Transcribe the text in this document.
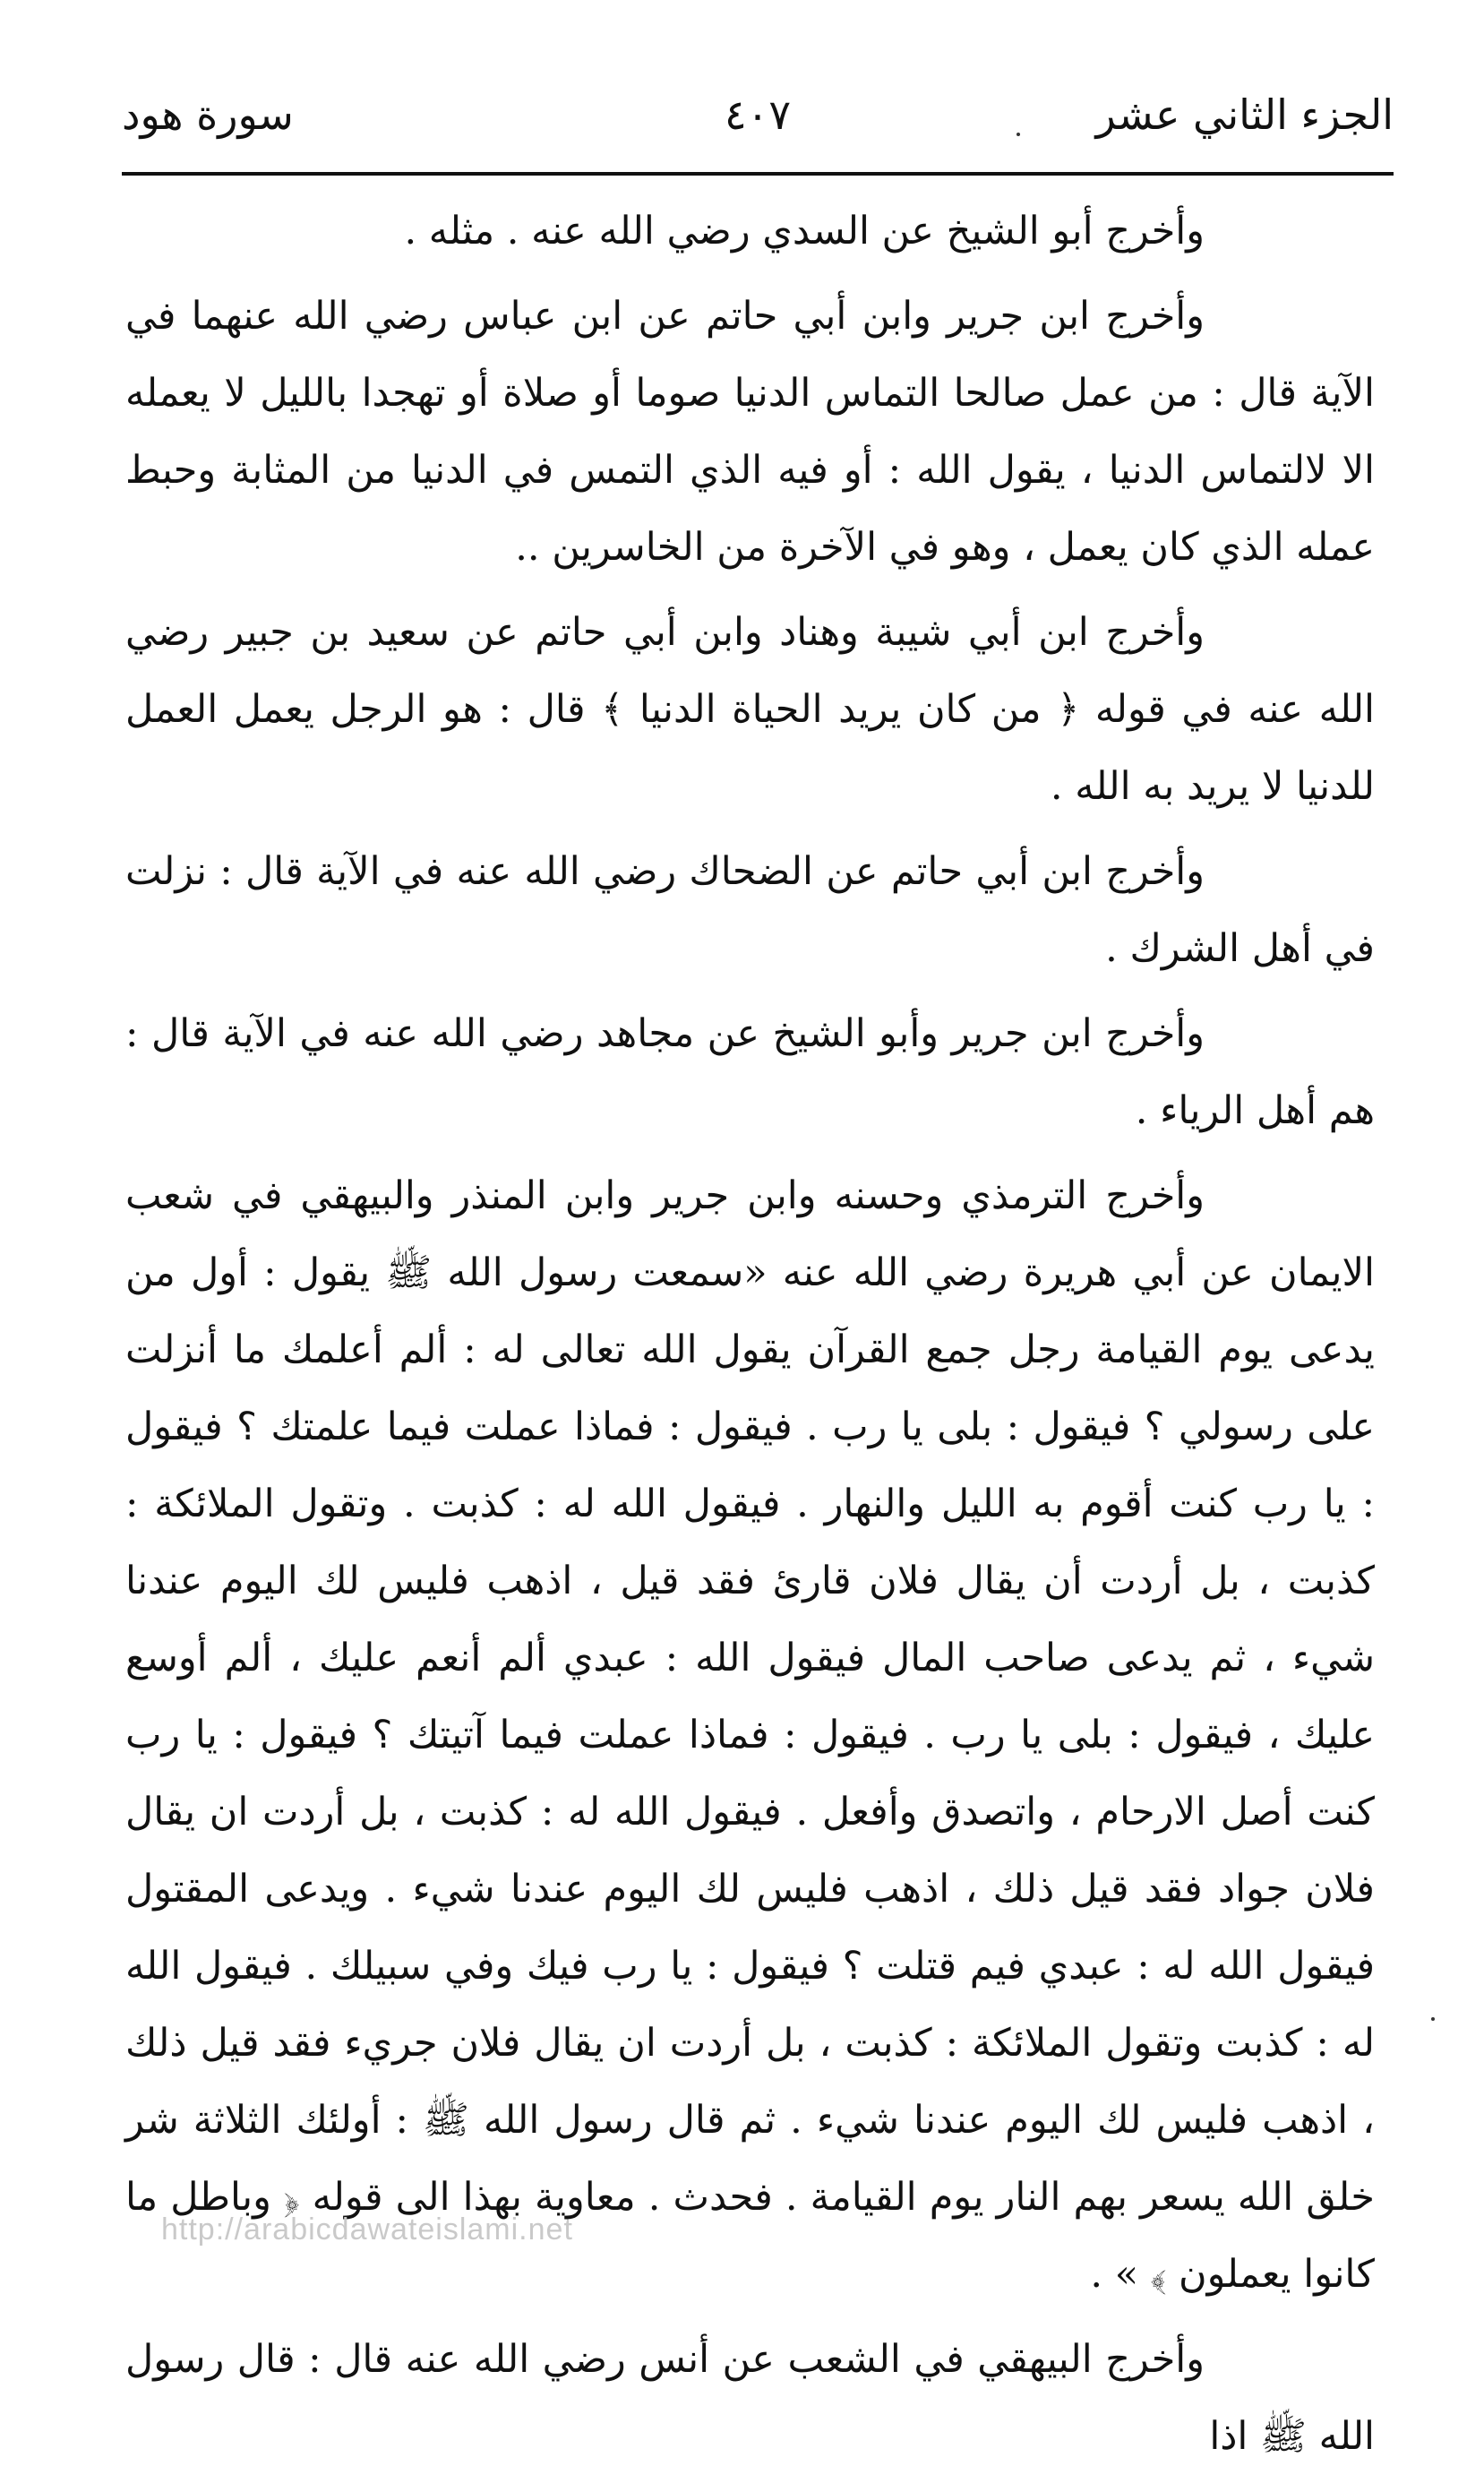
الجزء الثاني عشر
٤٠٧
سورة هود

وأخرج أبو الشيخ عن السدي رضي الله عنه . مثله .

وأخرج ابن جرير وابن أبي حاتم عن ابن عباس رضي الله عنهما في الآية قال : من عمل صالحا التماس الدنيا صوما أو صلاة أو تهجدا بالليل لا يعمله الا لالتماس الدنيا ، يقول الله : أو فيه الذي التمس في الدنيا من المثابة وحبط عمله الذي كان يعمل ، وهو في الآخرة من الخاسرين ..

وأخرج ابن أبي شيبة وهناد وابن أبي حاتم عن سعيد بن جبير رضي الله عنه في قوله ﴿ من كان يريد الحياة الدنيا ﴾ قال : هو الرجل يعمل العمل للدنيا لا يريد به الله .

وأخرج ابن أبي حاتم عن الضحاك رضي الله عنه في الآية قال : نزلت في أهل الشرك .

وأخرج ابن جرير وأبو الشيخ عن مجاهد رضي الله عنه في الآية قال : هم أهل الرياء .

وأخرج الترمذي وحسنه وابن جرير وابن المنذر والبيهقي في شعب الايمان عن أبي هريرة رضي الله عنه «سمعت رسول الله ﷺ يقول : أول من يدعى يوم القيامة رجل جمع القرآن يقول الله تعالى له : ألم أعلمك ما أنزلت على رسولي ؟ فيقول : بلى يا رب . فيقول : فماذا عملت فيما علمتك ؟ فيقول : يا رب كنت أقوم به الليل والنهار . فيقول الله له : كذبت . وتقول الملائكة : كذبت ، بل أردت أن يقال فلان قارئ فقد قيل ، اذهب فليس لك اليوم عندنا شيء ، ثم يدعى صاحب المال فيقول الله : عبدي ألم أنعم عليك ، ألم أوسع عليك ، فيقول : بلى يا رب . فيقول : فماذا عملت فيما آتيتك ؟ فيقول : يا رب كنت أصل الارحام ، واتصدق وأفعل . فيقول الله له : كذبت ، بل أردت ان يقال فلان جواد فقد قيل ذلك ، اذهب فليس لك اليوم عندنا شيء . ويدعى المقتول فيقول الله له : عبدي فيم قتلت ؟ فيقول : يا رب فيك وفي سبيلك . فيقول الله له : كذبت وتقول الملائكة : كذبت ، بل أردت ان يقال فلان جريء فقد قيل ذلك ، اذهب فليس لك اليوم عندنا شيء . ثم قال رسول الله ﷺ : أولئك الثلاثة شر خلق الله يسعر بهم النار يوم القيامة . فحدث . معاوية بهذا الى قوله ﴿ وباطل ما كانوا يعملون ﴾ » .

وأخرج البيهقي في الشعب عن أنس رضي الله عنه قال : قال رسول الله ﷺ اذا

http://arabicdawateislami.net
